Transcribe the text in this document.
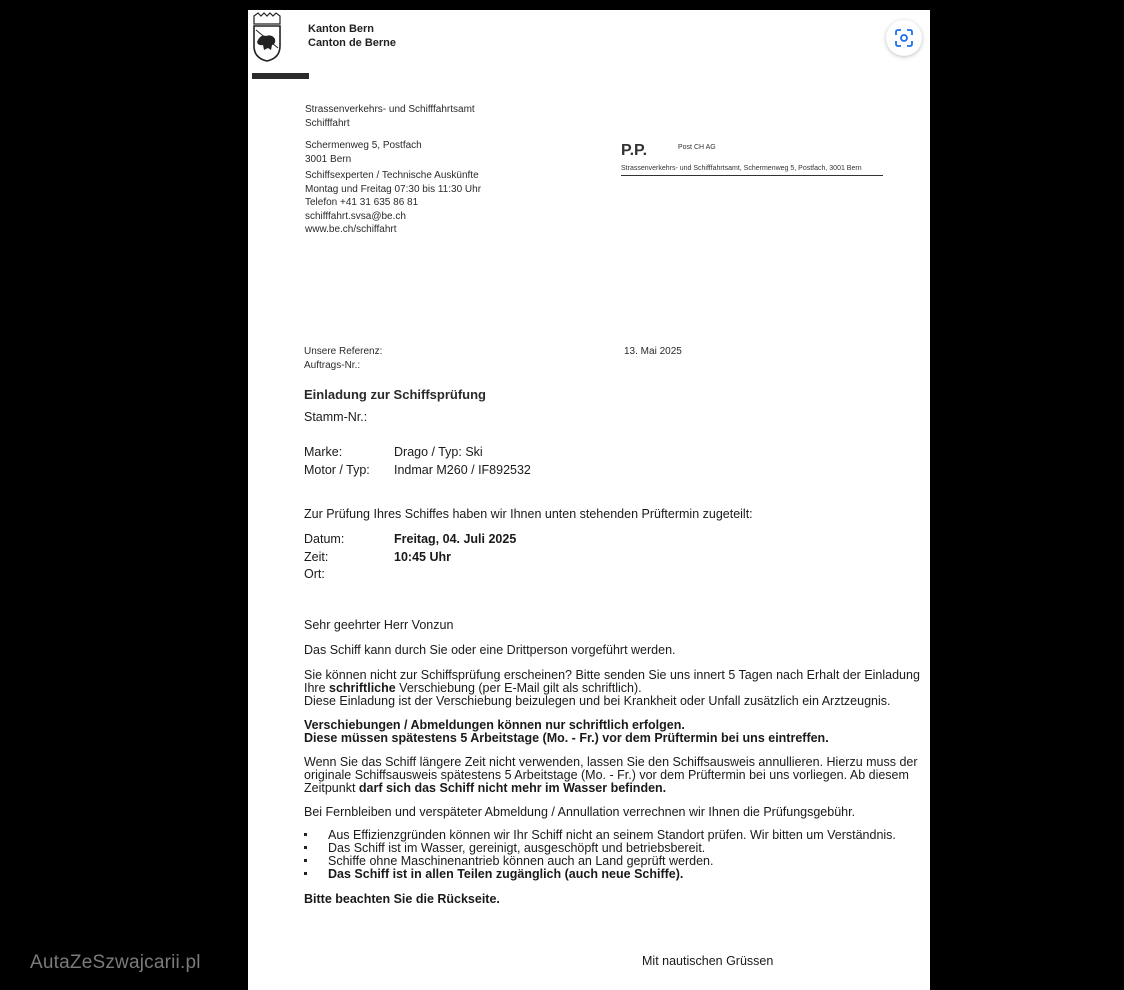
Kanton Bern
Canton de Berne
Strassenverkehrs- und Schifffahrtsamt
Schifffahrt
Schermenweg 5, Postfach
3001 Bern
Schiffsexperten / Technische Auskünfte
Montag und Freitag 07:30 bis 11:30 Uhr
Telefon +41 31 635 86 81
schifffahrt.svsa@be.ch
www.be.ch/schiffahrt
P.P.	Post CH AG
Strassenverkehrs- und Schifffahrtsamt, Schermenweg 5, Postfach, 3001 Bern
Unsere Referenz:
Auftrags-Nr.:
13. Mai 2025
Einladung zur Schiffsprüfung
Stamm-Nr.:
Marke:	Drago / Typ: Ski
Motor / Typ:	Indmar M260 / IF892532
Zur Prüfung Ihres Schiffes haben wir Ihnen unten stehenden Prüftermin zugeteilt:
Datum:	Freitag, 04. Juli 2025
Zeit:	10:45 Uhr
Ort:
Sehr geehrter Herr Vonzun
Das Schiff kann durch Sie oder eine Drittperson vorgeführt werden.
Sie können nicht zur Schiffsprüfung erscheinen? Bitte senden Sie uns innert 5 Tagen nach Erhalt der Einladung Ihre schriftliche Verschiebung (per E-Mail gilt als schriftlich).
Diese Einladung ist der Verschiebung beizulegen und bei Krankheit oder Unfall zusätzlich ein Arztzeugnis.
Verschiebungen / Abmeldungen können nur schriftlich erfolgen.
Diese müssen spätestens 5 Arbeitstage (Mo. - Fr.) vor dem Prüftermin bei uns eintreffen.
Wenn Sie das Schiff längere Zeit nicht verwenden, lassen Sie den Schiffsausweis annullieren. Hierzu muss der originale Schiffsausweis spätestens 5 Arbeitstage (Mo. - Fr.) vor dem Prüftermin bei uns vorliegen. Ab diesem Zeitpunkt darf sich das Schiff nicht mehr im Wasser befinden.
Bei Fernbleiben und verspäteter Abmeldung / Annullation verrechnen wir Ihnen die Prüfungsgebühr.
Aus Effizienzgründen können wir Ihr Schiff nicht an seinem Standort prüfen. Wir bitten um Verständnis.
Das Schiff ist im Wasser, gereinigt, ausgeschöpft und betriebsbereit.
Schiffe ohne Maschinenantrieb können auch an Land geprüft werden.
Das Schiff ist in allen Teilen zugänglich (auch neue Schiffe).
Bitte beachten Sie die Rückseite.
Mit nautischen Grüssen
AutaZeSzwajcarii.pl
